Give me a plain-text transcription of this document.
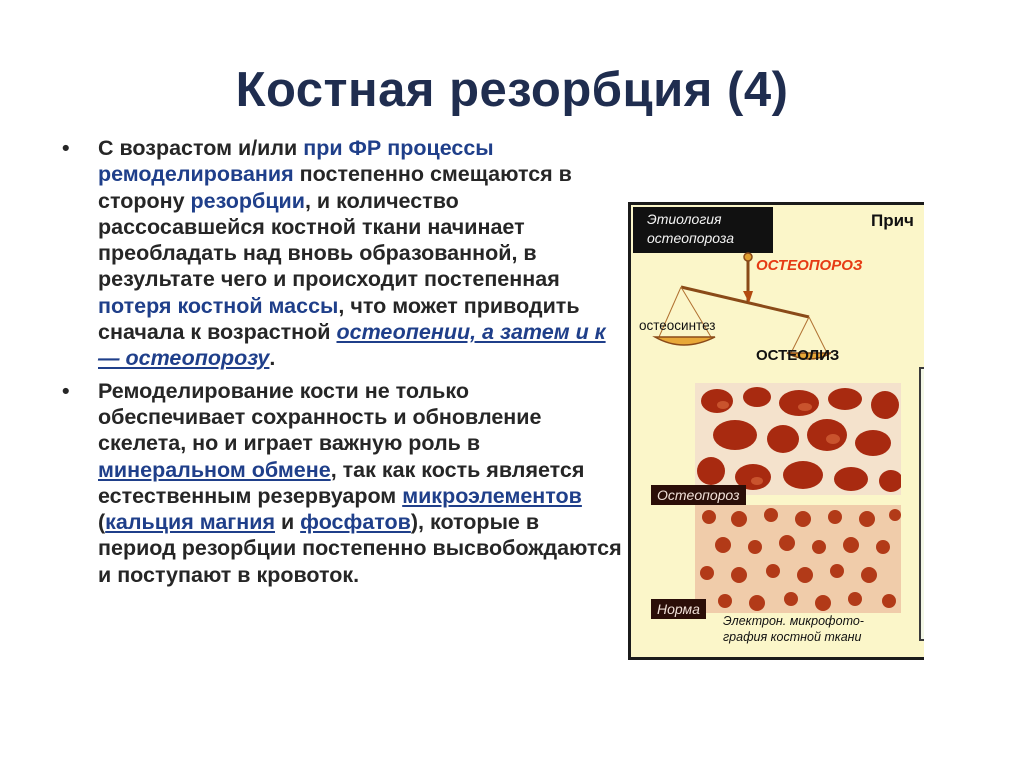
Костная резорбция (4)
• С возрастом и/или при ФР процессы ремоделирования постепенно смещаются в сторону резорбции, и количество рассосавшейся костной ткани начинает преобладать над вновь образованной, в результате чего и происходит постепенная потеря костной массы, что может приводить сначала к возрастной остеопении, а затем и к — остеопорозу.
• Ремоделирование кости не только обеспечивает сохранность и обновление скелета, но и играет важную роль в минеральном обмене, так как кость является естественным резервуаром микроэлементов (кальция магния и фосфатов), которые в период резорбции постепенно высвобождаются и поступают в кровоток.
Этиология
остеопороза
Прич
ОСТЕОПОРОЗ
остеосинтез
ОСТЕОЛИЗ
Остеопороз
Норма
Электрон. микрофото-
графия костной ткани
